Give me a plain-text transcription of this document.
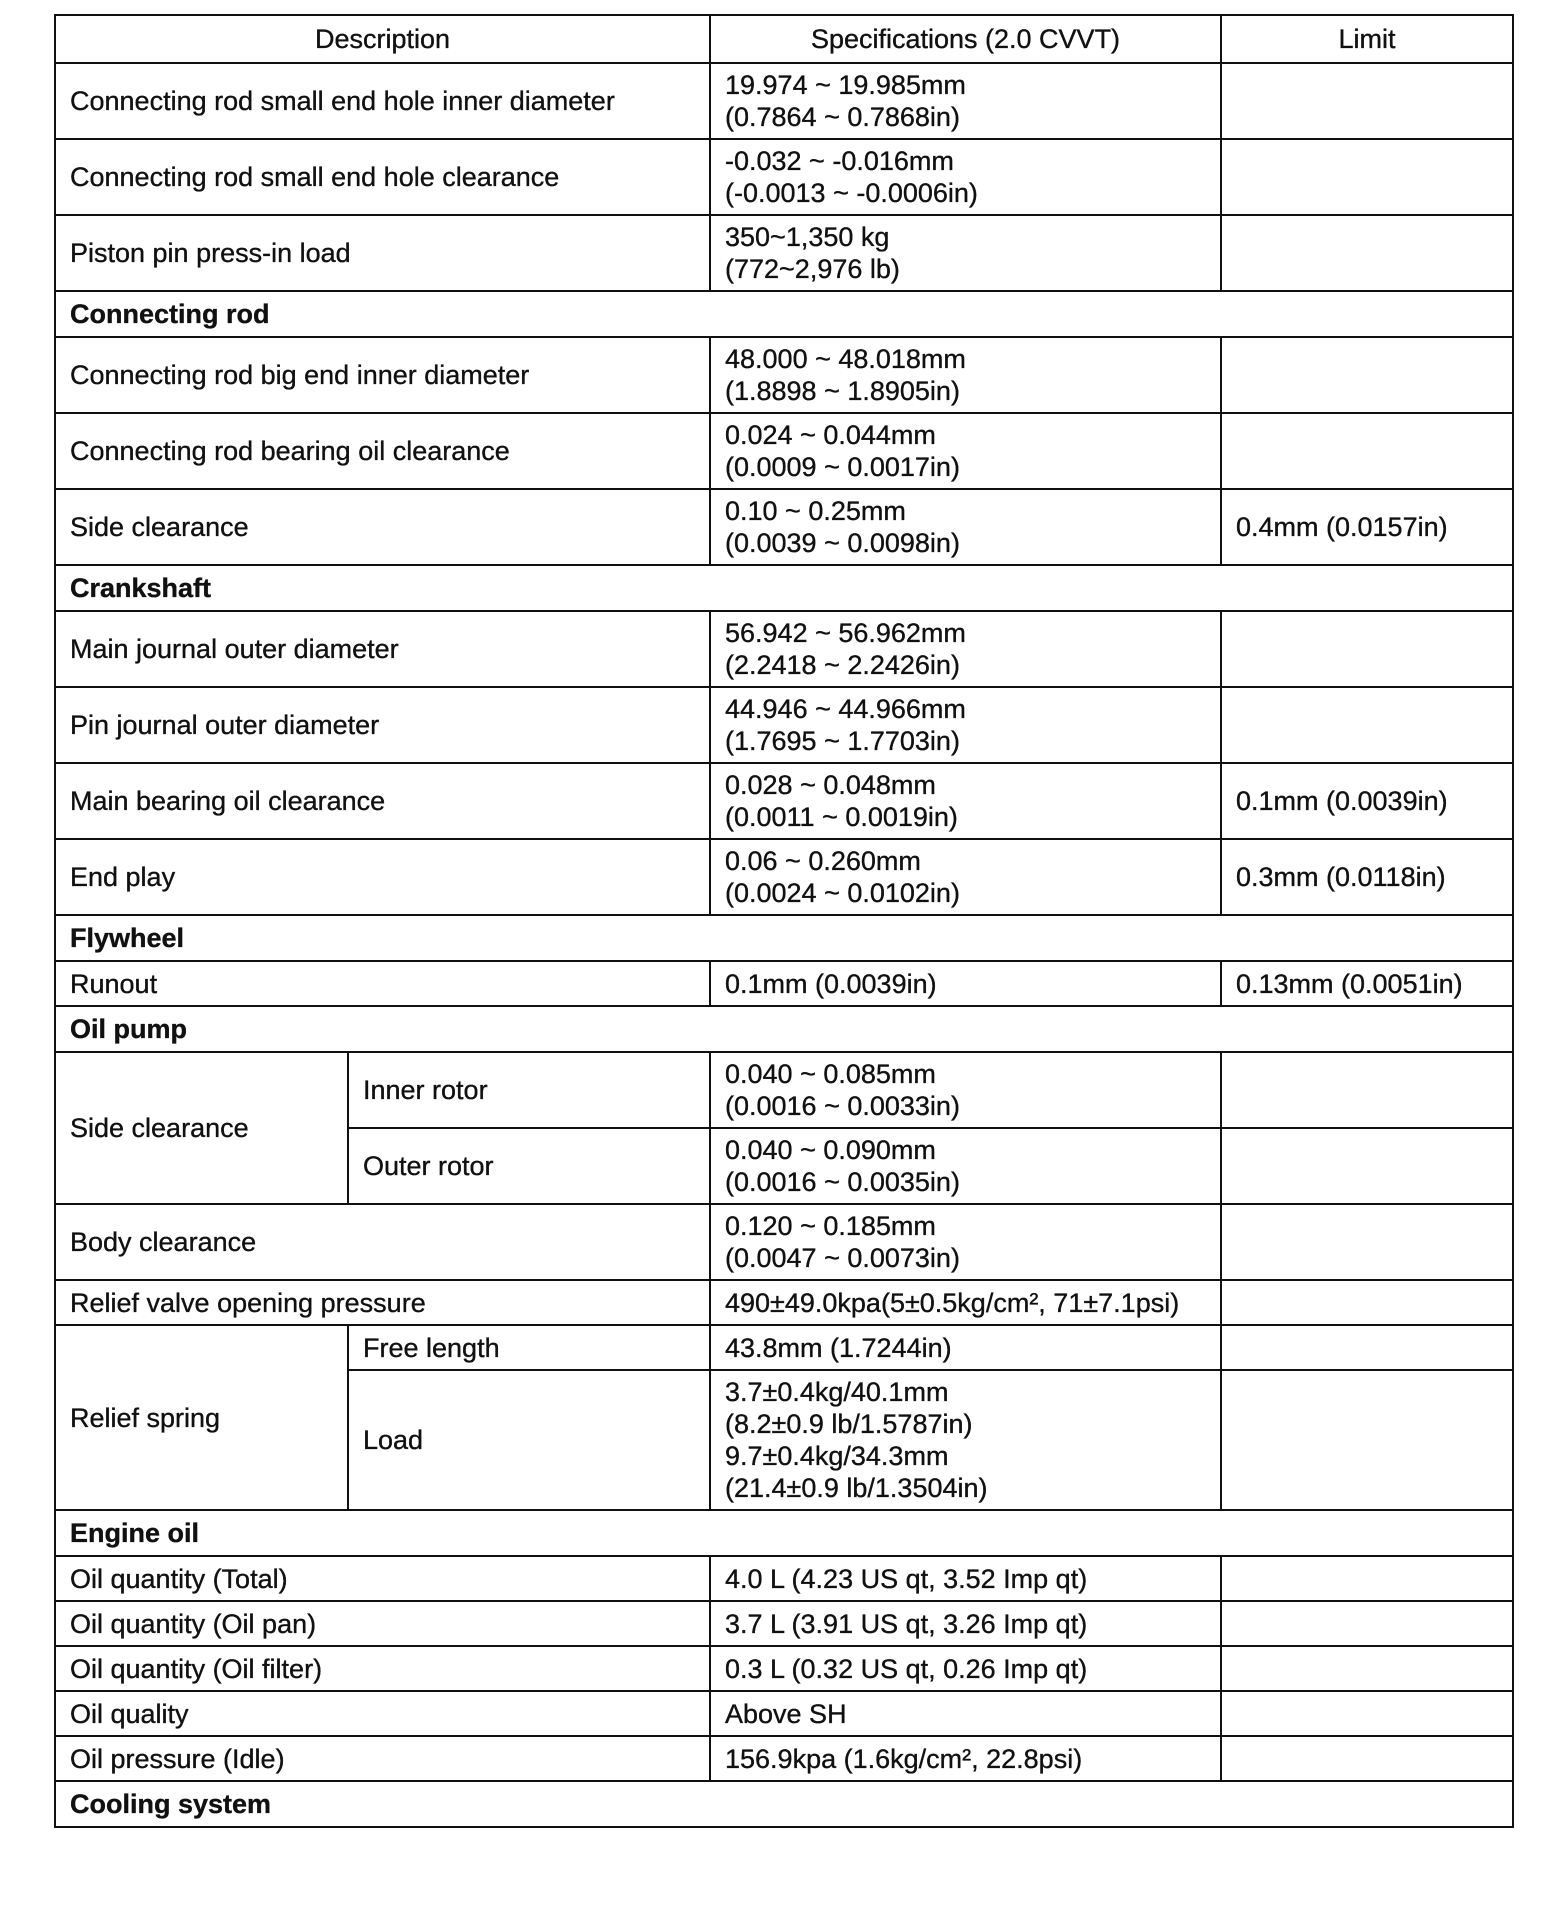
Description		Specifications (2.0 CVVT)	Limit
Connecting rod small end hole inner diameter		19.974 ~ 19.985mm
(0.7864 ~ 0.7868in)	

Connecting rod small end hole clearance		-0.032 ~ -0.016mm
(-0.0013 ~ -0.0006in)	

Piston pin press-in load		350~1,350 kg
(772~2,976 lb)	

Connecting rod			
Connecting rod big end inner diameter		48.000 ~ 48.018mm
(1.8898 ~ 1.8905in)	

Connecting rod bearing oil clearance		0.024 ~ 0.044mm
(0.0009 ~ 0.0017in)	

Side clearance		0.10 ~ 0.25mm
(0.0039 ~ 0.0098in)	0.4mm (0.0157in)
Crankshaft			
Main journal outer diameter		56.942 ~ 56.962mm
(2.2418 ~ 2.2426in)	

Pin journal outer diameter		44.946 ~ 44.966mm
(1.7695 ~ 1.7703in)	

Main bearing oil clearance		0.028 ~ 0.048mm
(0.0011 ~ 0.0019in)	0.1mm (0.0039in)
End play		0.06 ~ 0.260mm
(0.0024 ~ 0.0102in)	0.3mm (0.0118in)
Flywheel			
Runout		0.1mm (0.0039in)	0.13mm (0.0051in)
Oil pump			
Side clearance	Inner rotor	0.040 ~ 0.085mm
(0.0016 ~ 0.0033in)	

	Outer rotor	0.040 ~ 0.090mm
(0.0016 ~ 0.0035in)	

Body clearance		0.120 ~ 0.185mm
(0.0047 ~ 0.0073in)	

Relief valve opening pressure		490±49.0kpa(5±0.5kg/cm², 71±7.1psi)	
Relief spring	Free length	43.8mm (1.7244in)	
	Load	3.7±0.4kg/40.1mm
(8.2±0.9 lb/1.5787in)
9.7±0.4kg/34.3mm
(21.4±0.9 lb/1.3504in)	

Engine oil			
Oil quantity (Total)		4.0 L (4.23 US qt, 3.52 Imp qt)	
Oil quantity (Oil pan)		3.7 L (3.91 US qt, 3.26 Imp qt)	
Oil quantity (Oil filter)		0.3 L (0.32 US qt, 0.26 Imp qt)	
Oil quality		Above SH	
Oil pressure (Idle)		156.9kpa (1.6kg/cm², 22.8psi)	
Cooling system			
